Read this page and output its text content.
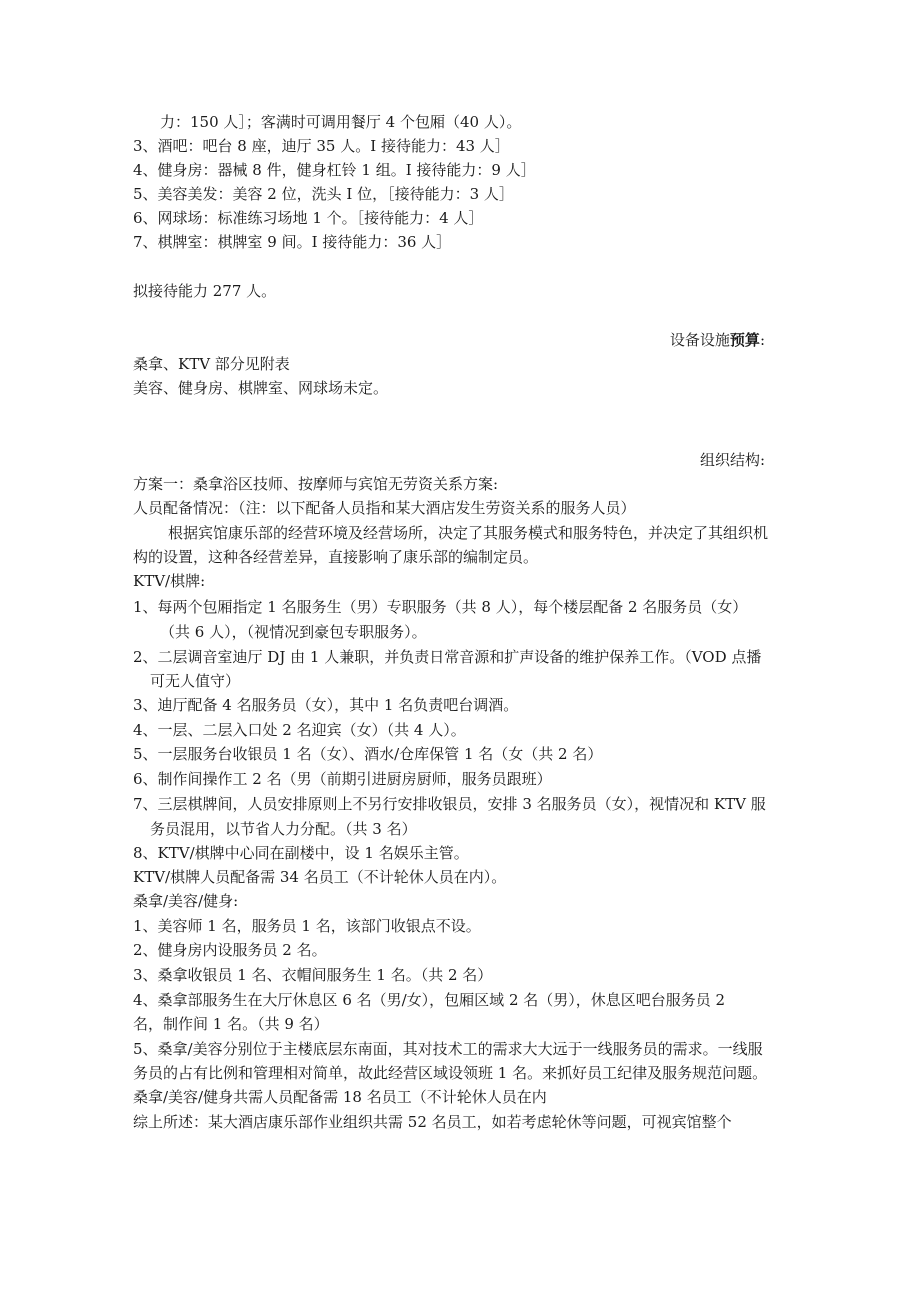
力：150 人］；客满时可调用餐厅 4 个包厢（40 人）。
3、酒吧：吧台 8 座，迪厅 35 人。I 接待能力：43 人］
4、健身房：器械 8 件，健身杠铃 1 组。I 接待能力：9 人］
5、美容美发：美容 2 位，洗头 I 位，［接待能力：3 人］
6、网球场：标准练习场地 1 个。［接待能力：4 人］
7、棋牌室：棋牌室 9 间。I 接待能力：36 人］
拟接待能力 277 人。
设备设施预算:
桑拿、KTV 部分见附表
美容、健身房、棋牌室、网球场未定。
组织结构:
方案一：桑拿浴区技师、按摩师与宾馆无劳资关系方案:
人员配备情况：（注：以下配备人员指和某大酒店发生劳资关系的服务人员）
根据宾馆康乐部的经营环境及经营场所，决定了其服务模式和服务特色，并决定了其组织机
构的设置，这种各经营差异，直接影响了康乐部的编制定员。
KTV/棋牌:
1、每两个包厢指定 1 名服务生（男）专职服务（共 8 人），每个楼层配备 2 名服务员（女）
（共 6 人），（视情况到豪包专职服务）。
2、二层调音室迪厅 DJ 由 1 人兼职，并负责日常音源和扩声设备的维护保养工作。（VOD 点播
可无人值守）
3、迪厅配备 4 名服务员（女），其中 1 名负责吧台调酒。
4、一层、二层入口处 2 名迎宾（女）（共 4 人）。
5、一层服务台收银员 1 名（女）、酒水/仓库保管 1 名（女（共 2 名）
6、制作间操作工 2 名（男（前期引进厨房厨师，服务员跟班）
7、三层棋牌间，人员安排原则上不另行安排收银员，安排 3 名服务员（女），视情况和 KTV 服
务员混用，以节省人力分配。（共 3 名）
8、KTV/棋牌中心同在副楼中，设 1 名娱乐主管。
KTV/棋牌人员配备需 34 名员工（不计轮休人员在内）。
桑拿/美容/健身:
1、美容师 1 名，服务员 1 名，该部门收银点不设。
2、健身房内设服务员 2 名。
3、桑拿收银员 1 名、衣帽间服务生 1 名。（共 2 名）
4、桑拿部服务生在大厅休息区 6 名（男/女），包厢区域 2 名（男），休息区吧台服务员 2
名，制作间 1 名。（共 9 名）
5、桑拿/美容分别位于主楼底层东南面，其对技术工的需求大大远于一线服务员的需求。一线服
务员的占有比例和管理相对简单，故此经营区域设领班 1 名。来抓好员工纪律及服务规范问题。
桑拿/美容/健身共需人员配备需 18 名员工（不计轮休人员在内
综上所述：某大酒店康乐部作业组织共需 52 名员工，如若考虑轮休等问题，可视宾馆整个
